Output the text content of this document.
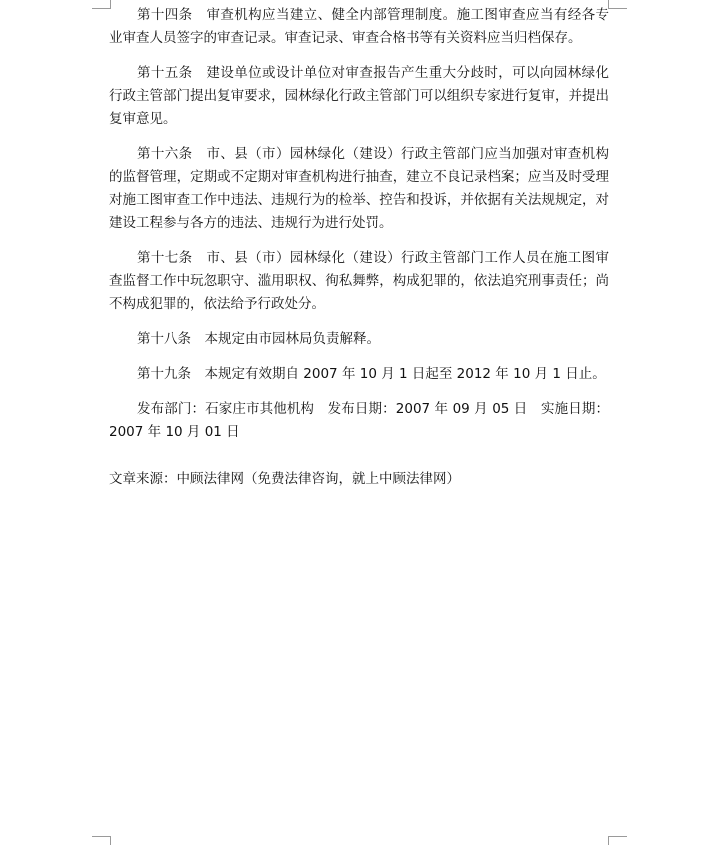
第十四条　 审查机构应当建立、健全内部管理制度。施工图审查应当有经各专业审查人员签字的审查记录。审查记录、审查合格书等有关资料应当归档保存。

第十五条　 建设单位或设计单位对审查报告产生重大分歧时，可以向园林绿化行政主管部门提出复审要求，园林绿化行政主管部门可以组织专家进行复审，并提出复审意见。

第十六条　 市、县（市）园林绿化（建设）行政主管部门应当加强对审查机构的监督管理，定期或不定期对审查机构进行抽查，建立不良记录档案；应当及时受理对施工图审查工作中违法、违规行为的检举、控告和投诉，并依据有关法规规定，对建设工程参与各方的违法、违规行为进行处罚。

第十七条　 市、县（市）园林绿化（建设）行政主管部门工作人员在施工图审查监督工作中玩忽职守、滥用职权、徇私舞弊，构成犯罪的，依法追究刑事责任；尚不构成犯罪的，依法给予行政处分。

第十八条　 本规定由市园林局负责解释。

第十九条　 本规定有效期自 2007 年 10 月 1 日起至 2012 年 10 月 1 日止。

发布部门：石家庄市其他机构　发布日期：2007 年 09 月 05 日　实施日期：2007 年 10 月 01 日

文章来源：中顾法律网（免费法律咨询，就上中顾法律网）
